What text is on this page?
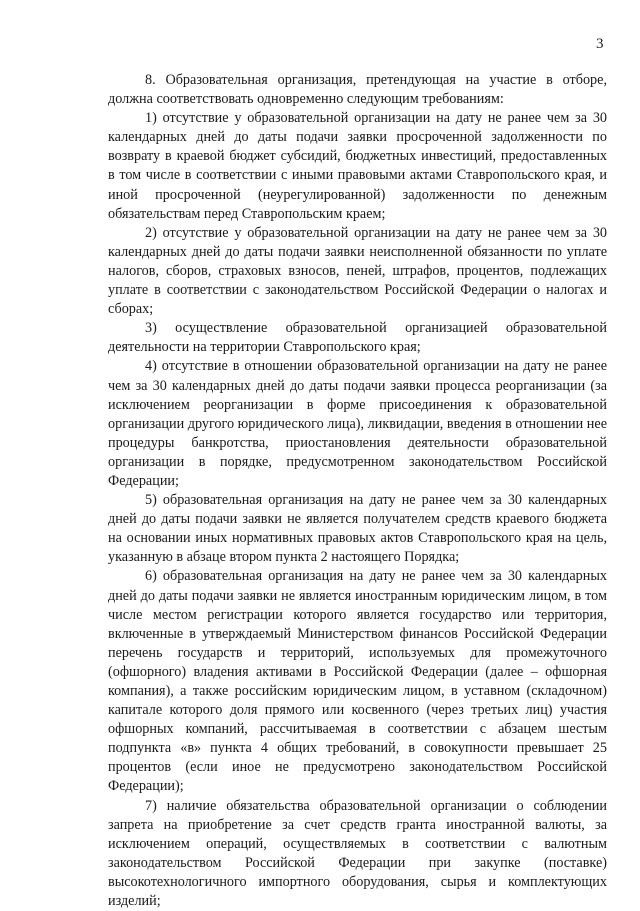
3

8. Образовательная организация, претендующая на участие в отборе, должна соответствовать одновременно следующим требованиям:

1) отсутствие у образовательной организации на дату не ранее чем за 30 календарных дней до даты подачи заявки просроченной задолженности по возврату в краевой бюджет субсидий, бюджетных инвестиций, предоставленных в том числе в соответствии с иными правовыми актами Ставропольского края, и иной просроченной (неурегулированной) задолженности по денежным обязательствам перед Ставропольским краем;

2) отсутствие у образовательной организации на дату не ранее чем за 30 календарных дней до даты подачи заявки неисполненной обязанности по уплате налогов, сборов, страховых взносов, пеней, штрафов, процентов, подлежащих уплате в соответствии с законодательством Российской Федерации о налогах и сборах;

3) осуществление образовательной организацией образовательной деятельности на территории Ставропольского края;

4) отсутствие в отношении образовательной организации на дату не ранее чем за 30 календарных дней до даты подачи заявки процесса реорганизации (за исключением реорганизации в форме присоединения к образовательной организации другого юридического лица), ликвидации, введения в отношении нее процедуры банкротства, приостановления деятельности образовательной организации в порядке, предусмотренном законодательством Российской Федерации;

5) образовательная организация на дату не ранее чем за 30 календарных дней до даты подачи заявки не является получателем средств краевого бюджета на основании иных нормативных правовых актов Ставропольского края на цель, указанную в абзаце втором пункта 2 настоящего Порядка;

6) образовательная организация на дату не ранее чем за 30 календарных дней до даты подачи заявки не является иностранным юридическим лицом, в том числе местом регистрации которого является государство или территория, включенные в утверждаемый Министерством финансов Российской Федерации перечень государств и территорий, используемых для промежуточного (офшорного) владения активами в Российской Федерации (далее – офшорная компания), а также российским юридическим лицом, в уставном (складочном) капитале которого доля прямого или косвенного (через третьих лиц) участия офшорных компаний, рассчитываемая в соответствии с абзацем шестым подпункта «в» пункта 4 общих требований, в совокупности превышает 25 процентов (если иное не предусмотрено законодательством Российской Федерации);

7) наличие обязательства образовательной организации о соблюдении запрета на приобретение за счет средств гранта иностранной валюты, за исключением операций, осуществляемых в соответствии с валютным законодательством Российской Федерации при закупке (поставке) высокотехнологичного импортного оборудования, сырья и комплектующих изделий;
